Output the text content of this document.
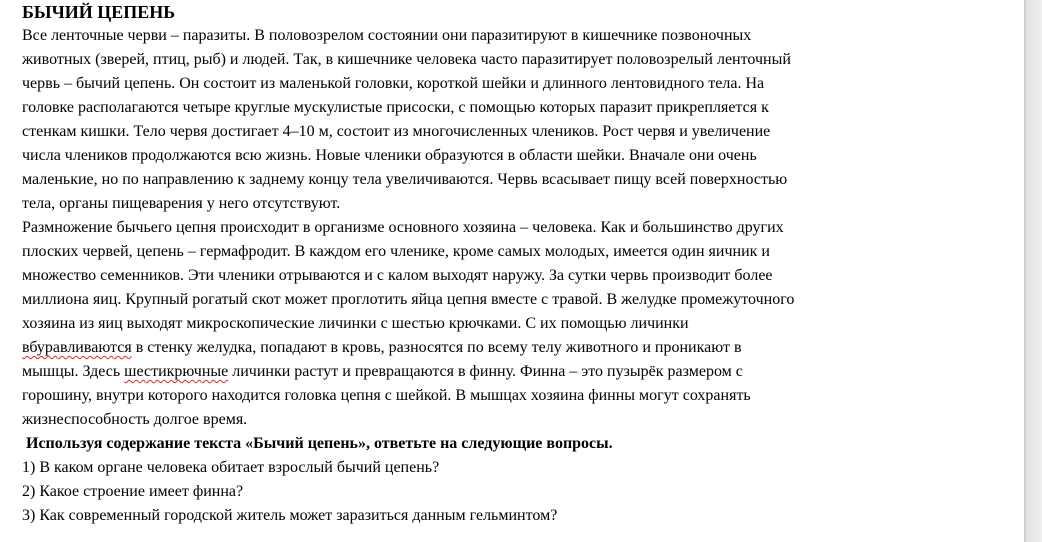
БЫЧИЙ ЦЕПЕНЬ
Все ленточные черви – паразиты. В половозрелом состоянии они паразитируют в кишечнике позвоночных
животных (зверей, птиц, рыб) и людей. Так, в кишечнике человека часто паразитирует половозрелый ленточный
червь – бычий цепень. Он состоит из маленькой головки, короткой шейки и длинного лентовидного тела. На
головке располагаются четыре круглые мускулистые присоски, с помощью которых паразит прикрепляется к
стенкам кишки. Тело червя достигает 4–10 м, состоит из многочисленных члеников. Рост червя и увеличение
числа члеников продолжаются всю жизнь. Новые членики образуются в области шейки. Вначале они очень
маленькие, но по направлению к заднему концу тела увеличиваются. Червь всасывает пищу всей поверхностью
тела, органы пищеварения у него отсутствуют.
Размножение бычьего цепня происходит в организме основного хозяина – человека. Как и большинство других
плоских червей, цепень – гермафродит. В каждом его членике, кроме самых молодых, имеется один яичник и
множество семенников. Эти членики отрываются и с калом выходят наружу. За сутки червь производит более
миллиона яиц. Крупный рогатый скот может проглотить яйца цепня вместе с травой. В желудке промежуточного
хозяина из яиц выходят микроскопические личинки с шестью крючками. С их помощью личинки
вбуравливаются в стенку желудка, попадают в кровь, разносятся по всему телу животного и проникают в
мышцы. Здесь шестикрючные личинки растут и превращаются в финну. Финна – это пузырёк размером с
горошину, внутри которого находится головка цепня с шейкой. В мышцах хозяина финны могут сохранять
жизнеспособность долгое время.
Используя содержание текста «Бычий цепень», ответьте на следующие вопросы.
1) В каком органе человека обитает взрослый бычий цепень?
2) Какое строение имеет финна?
3) Как современный городской житель может заразиться данным гельминтом?
